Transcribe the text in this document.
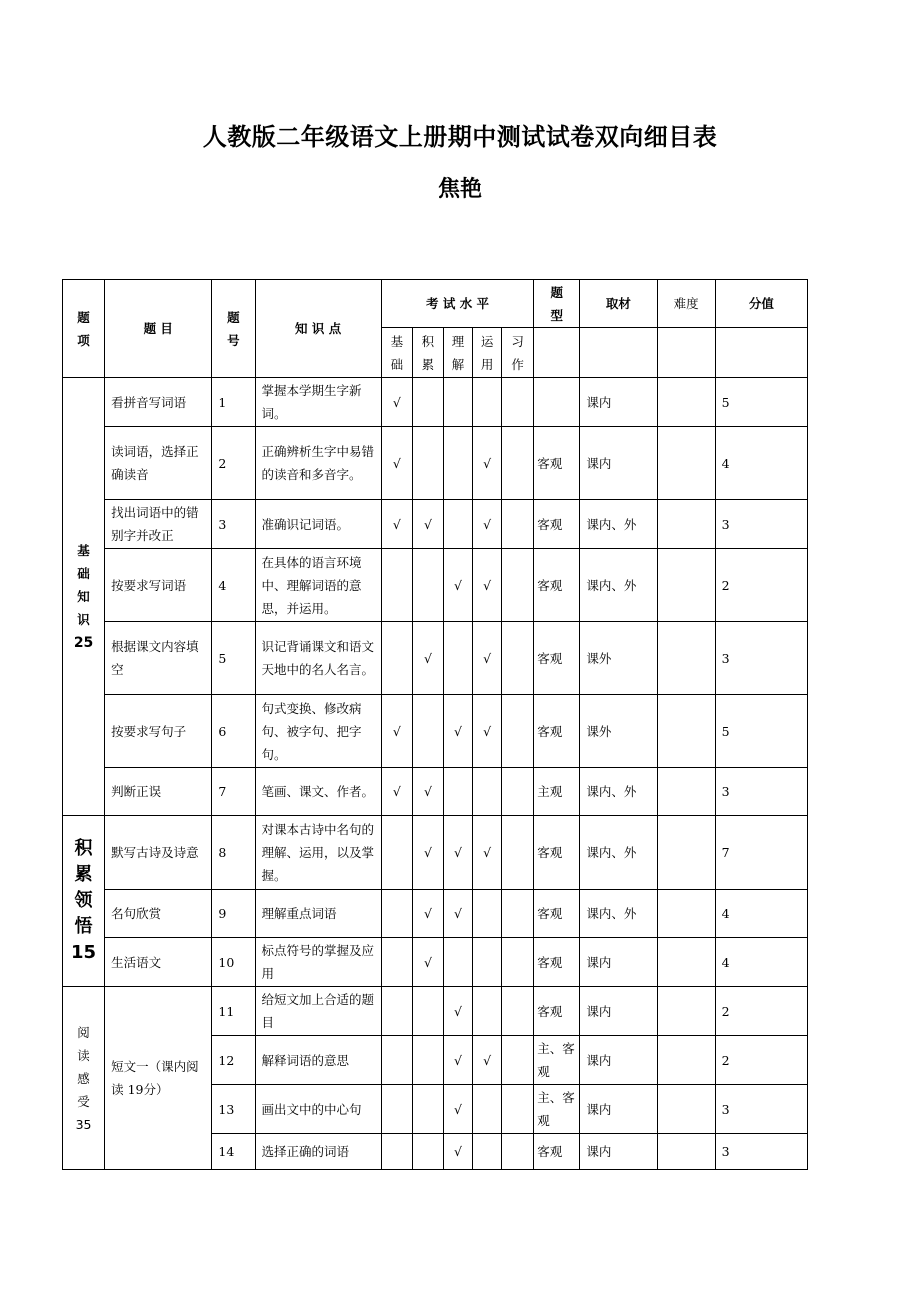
人教版二年级语文上册期中测试试卷双向细目表
焦艳
题项	题 目	题号	知 识 点	考 试 水 平					题型	取材	难度	分值
				基础	积累	理解	运用	习作				
基础知识
25	看拼音写词语	1	掌握本学期生字新词。	√						课内		5
	读词语，选择正确读音	2	正确辨析生字中易错的读音和多音字。	√			√		客观	课内		4
	找出词语中的错别字并改正	3	准确识记词语。	√	√		√		客观	课内、外		3
	按要求写词语	4	在具体的语言环境中、理解词语的意思，并运用。			√	√		客观	课内、外		2
	根据课文内容填空	5	识记背诵课文和语文天地中的名人名言。		√		√		客观	课外		3
	按要求写句子	6	句式变换、修改病句、被字句、把字句。	√		√	√		客观	课外		5
	判断正误	7	笔画、课文、作者。	√	√				主观	课内、外		3
积累领悟
15	默写古诗及诗意	8	对课本古诗中名句的理解、运用，以及掌握。		√	√	√		客观	课内、外		7
	名句欣赏	9	理解重点词语		√	√			客观	课内、外		4
	生活语文	10	标点符号的掌握及应用		√				客观	课内		4
阅读感受
35	短文一（课内阅读 19分）	11	给短文加上合适的题目			√			客观	课内		2
		12	解释词语的意思			√	√		主、客观	课内		2
		13	画出文中的中心句			√			主、客观	课内		3
		14	选择正确的词语			√			客观	课内		3
